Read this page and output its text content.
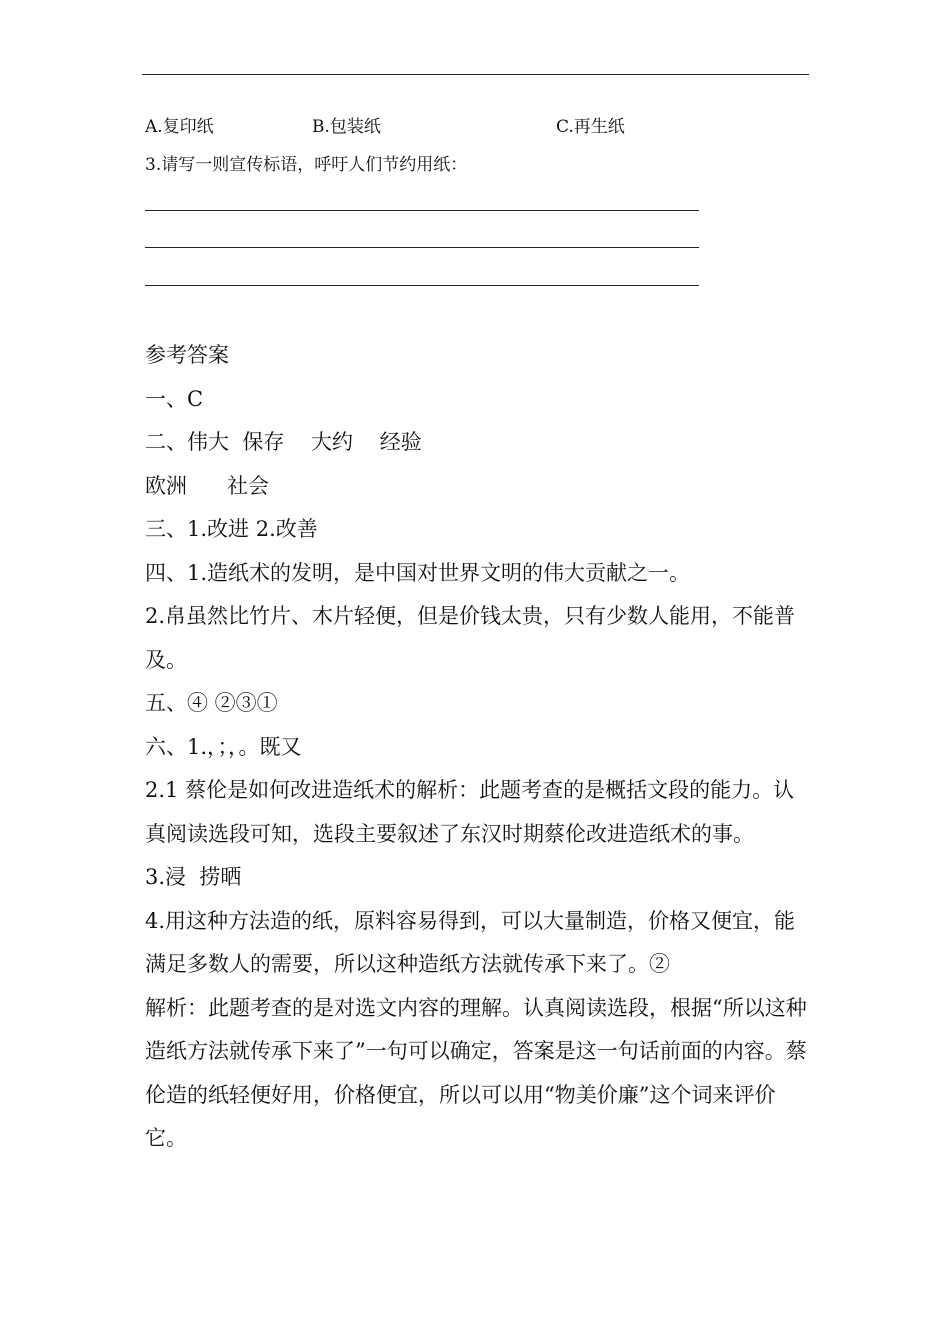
A.复印纸	B.包装纸	C.再生纸
3.请写一则宣传标语，呼吁人们节约用纸：

参考答案

一、C

二、伟大  保存    大约    经验

欧洲      社会

三、1.改进 2.改善

四、1.造纸术的发明，是中国对世界文明的伟大贡献之一。

2.帛虽然比竹片、木片轻便，但是价钱太贵，只有少数人能用，不能普及。

五、④ ②③①

六、1.，；，。既又

2.1 蔡伦是如何改进造纸术的解析：此题考查的是概括文段的能力。认真阅读选段可知，选段主要叙述了东汉时期蔡伦改进造纸术的事。

3.浸  捞晒

4.用这种方法造的纸，原料容易得到，可以大量制造，价格又便宜，能满足多数人的需要，所以这种造纸方法就传承下来了。②

解析：此题考查的是对选文内容的理解。认真阅读选段，根据“所以这种造纸方法就传承下来了”一句可以确定，答案是这一句话前面的内容。蔡伦造的纸轻便好用，价格便宜，所以可以用“物美价廉”这个词来评价它。
